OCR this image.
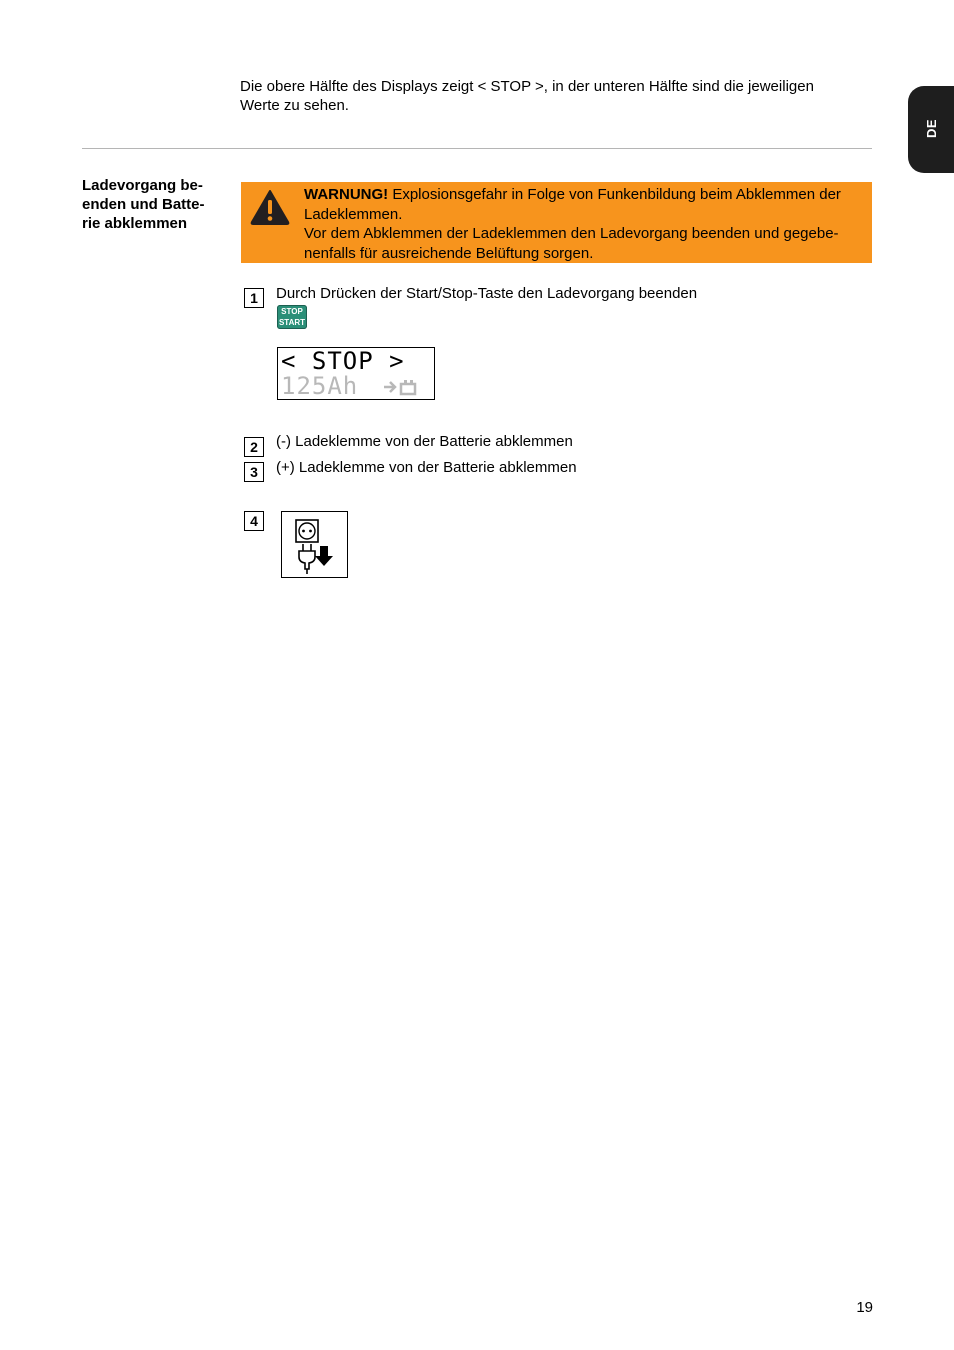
DE
Die obere Hälfte des Displays zeigt < STOP >, in der unteren Hälfte sind die jeweiligen
Werte zu sehen.
Ladevorgang be-
enden und Batte-
rie abklemmen
WARNUNG! Explosionsgefahr in Folge von Funkenbildung beim Abklemmen der
Ladeklemmen.
Vor dem Abklemmen der Ladeklemmen den Ladevorgang beenden und gegebe-
nenfalls für ausreichende Belüftung sorgen.
1	Durch Drücken der Start/Stop-Taste den Ladevorgang beenden
STOP
START
< STOP >
125Ah
2	(-) Ladeklemme von der Batterie abklemmen
3	(+) Ladeklemme von der Batterie abklemmen
4
19
